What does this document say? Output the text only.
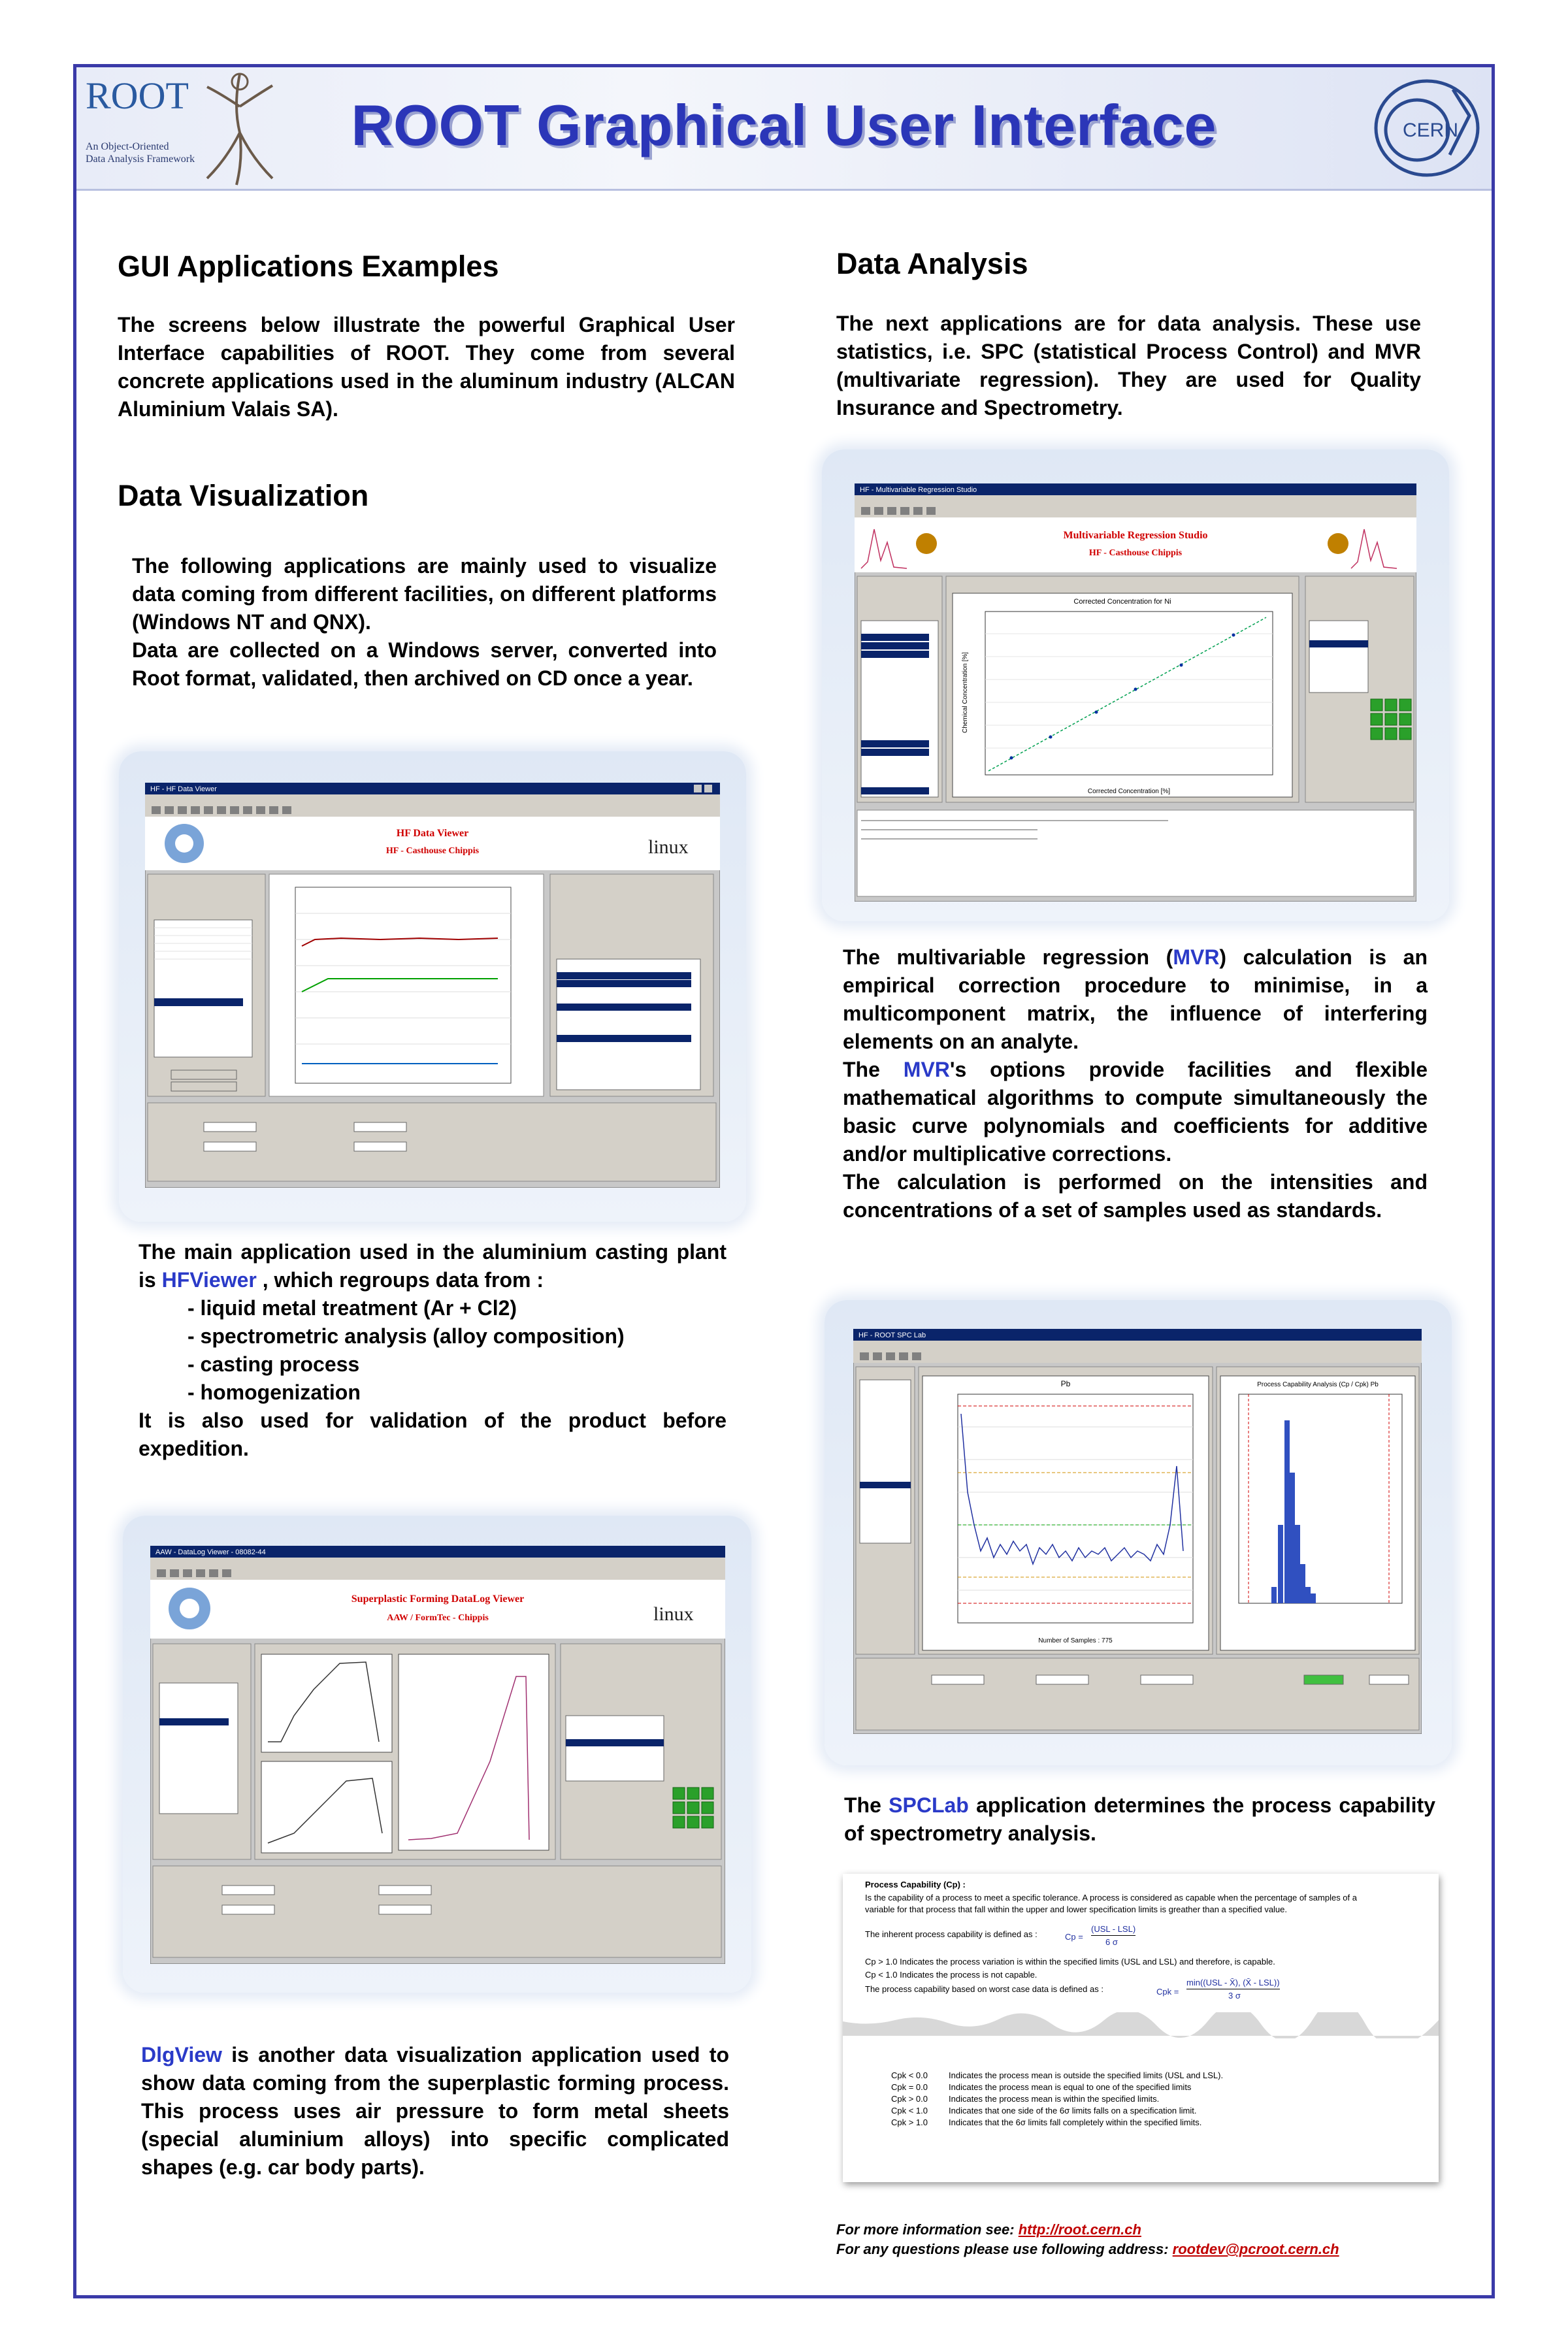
ROOT
An Object-Oriented
Data Analysis Framework
ROOT Graphical User Interface	CERN
GUI Applications Examples
The screens below illustrate the powerful Graphical User Interface capabilities of ROOT. They come from several concrete applications used in the aluminum industry (ALCAN Aluminium Valais SA).
Data Visualization
The following applications are mainly used to visualize data coming from different facilities, on different platforms (Windows NT and QNX).
Data are collected on a Windows server, converted into Root format, validated, then archived on CD once a year.
HF - HF Data Viewer
HF Data Viewer
HF - Casthouse Chippis	linux
The main application used in the aluminium casting plant is HFViewer , which regroups data from :
- liquid metal treatment (Ar + Cl2)
- spectrometric analysis (alloy composition)
- casting process
- homogenization
It is also used for validation of the product before expedition.
AAW - DataLog Viewer - 08082-44
Superplastic Forming DataLog Viewer
AAW / FormTec - Chippis	linux
DlgView is another data visualization application used to show data coming from the superplastic forming process. This process uses air pressure to form metal sheets (special aluminium alloys) into specific complicated shapes (e.g. car body parts).
Data Analysis
The next applications are for data analysis. These use statistics, i.e. SPC (statistical Process Control) and MVR (multivariate regression). They are used for Quality Insurance and Spectrometry.
HF - Multivariable Regression Studio
Multivariable Regression Studio
HF - Casthouse Chippis
Corrected Concentration for Ni
Corrected Concentration [%]
Chemical Concentration [%]
The multivariable regression (MVR) calculation is an empirical correction procedure to minimise, in a multicomponent matrix, the influence of interfering elements on an analyte.
The MVR's options provide facilities and flexible mathematical algorithms to compute simultaneously the basic curve polynomials and coefficients for additive and/or multiplicative corrections.
The calculation is performed on the intensities and concentrations of a set of samples used as standards.
HF - ROOT SPC Lab
Pb
Number of Samples : 775
Process Capability Analysis (Cp / Cpk) Pb
The SPCLab application determines the process capability of spectrometry analysis.
Process Capability (Cp) :
Is the capability of a process to meet a specific tolerance. A process is considered as capable when the percentage of samples of a
variable for that process that fall within the upper and lower specification limits is greather than a specified value.
The inherent process capability is defined as :	Cp =
(USL - LSL)
6 σ
Cp > 1.0 Indicates the process variation is within the specified limits (USL and LSL) and therefore, is capable.
Cp < 1.0 Indicates the process is not capable.
The process capability based on worst case data is defined as :	Cpk =
min((USL - X̄), (X̄ - LSL))
3 σ
Cpk < 0.0	Indicates the process mean is outside the specified limits (USL and LSL).
Cpk = 0.0	Indicates the process mean is equal to one of the specified limits
Cpk > 0.0	Indicates the process mean is within the specified limits.
Cpk < 1.0	Indicates that one side of the 6σ limits falls on a specification limit.
Cpk > 1.0	Indicates that the 6σ limits fall completely within the specified limits.
For more information see: http://root.cern.ch
For any questions please use following address: rootdev@pcroot.cern.ch
